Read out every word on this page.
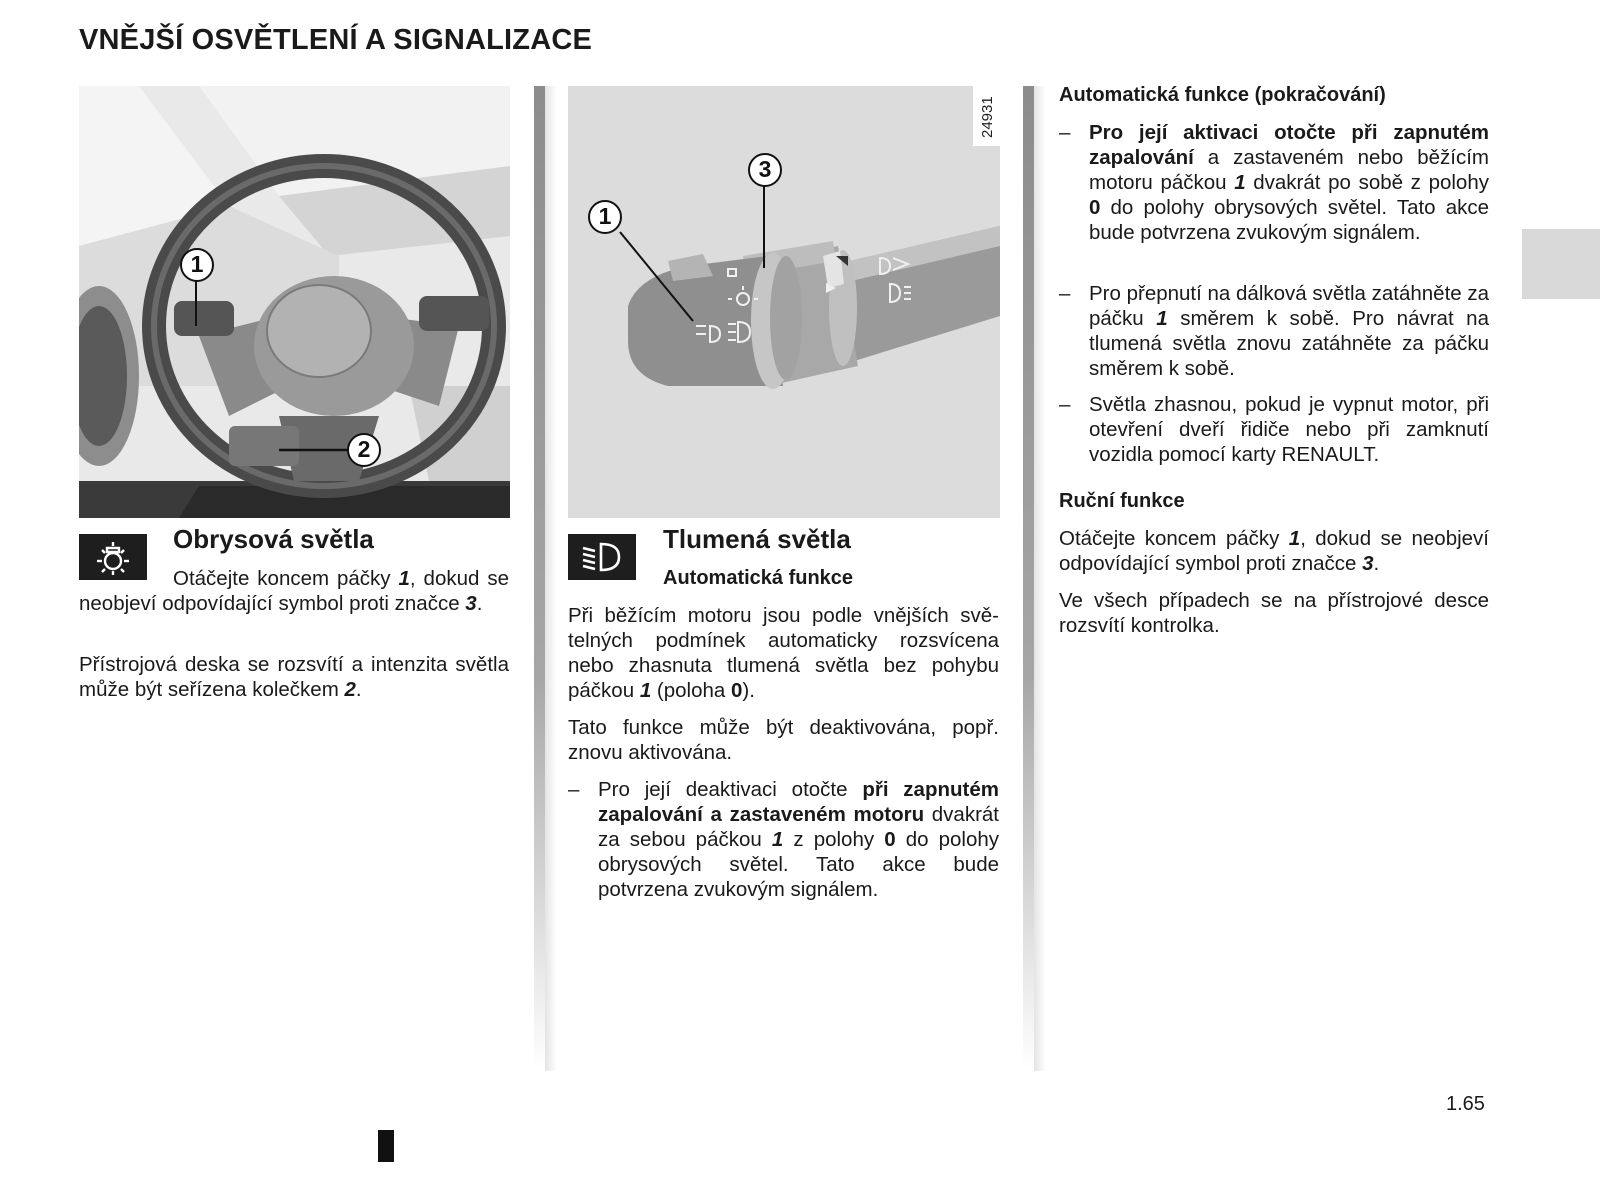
VNĚJŠÍ OSVĚTLENÍ A SIGNALIZACE
1
2
24931
1
3
Obrysová světla

Otáčejte koncem páčky 1, dokud se neobjeví odpovídající symbol proti značce 3.

Přístrojová deska se rozsvítí a intenzita světla může být seřízena kolečkem 2.

Tlumená světla
Automatická funkce

Při běžícím motoru jsou podle vnějších světelných podmínek automaticky rozsvícena nebo zhasnuta tlumená světla bez pohybu páčkou 1 (poloha 0).

Tato funkce může být deaktivována, popř. znovu aktivována.

– Pro její deaktivaci otočte při zapnutém zapalování a zastaveném motoru dvakrát za sebou páčkou 1 z polohy 0 do polohy obrysových světel. Tato akce bude potvrzena zvukovým signálem.
Automatická funkce (pokračování)
– Pro její aktivaci otočte při zapnutém zapalování a zastaveném nebo běžícím motoru páčkou 1 dvakrát po sobě z polohy 0 do polohy obrysových světel. Tato akce bude potvrzena zvukovým signálem.
– Pro přepnutí na dálková světla zatáhněte za páčku 1 směrem k sobě. Pro návrat na tlumená světla znovu zatáhněte za páčku směrem k sobě.
– Světla zhasnou, pokud je vypnut motor, při otevření dveří řidiče nebo při zamknutí vozidla pomocí karty RENAULT.
Ruční funkce

Otáčejte koncem páčky 1, dokud se neobjeví odpovídající symbol proti značce 3.

Ve všech případech se na přístrojové desce rozsvítí kontrolka.

1.65
